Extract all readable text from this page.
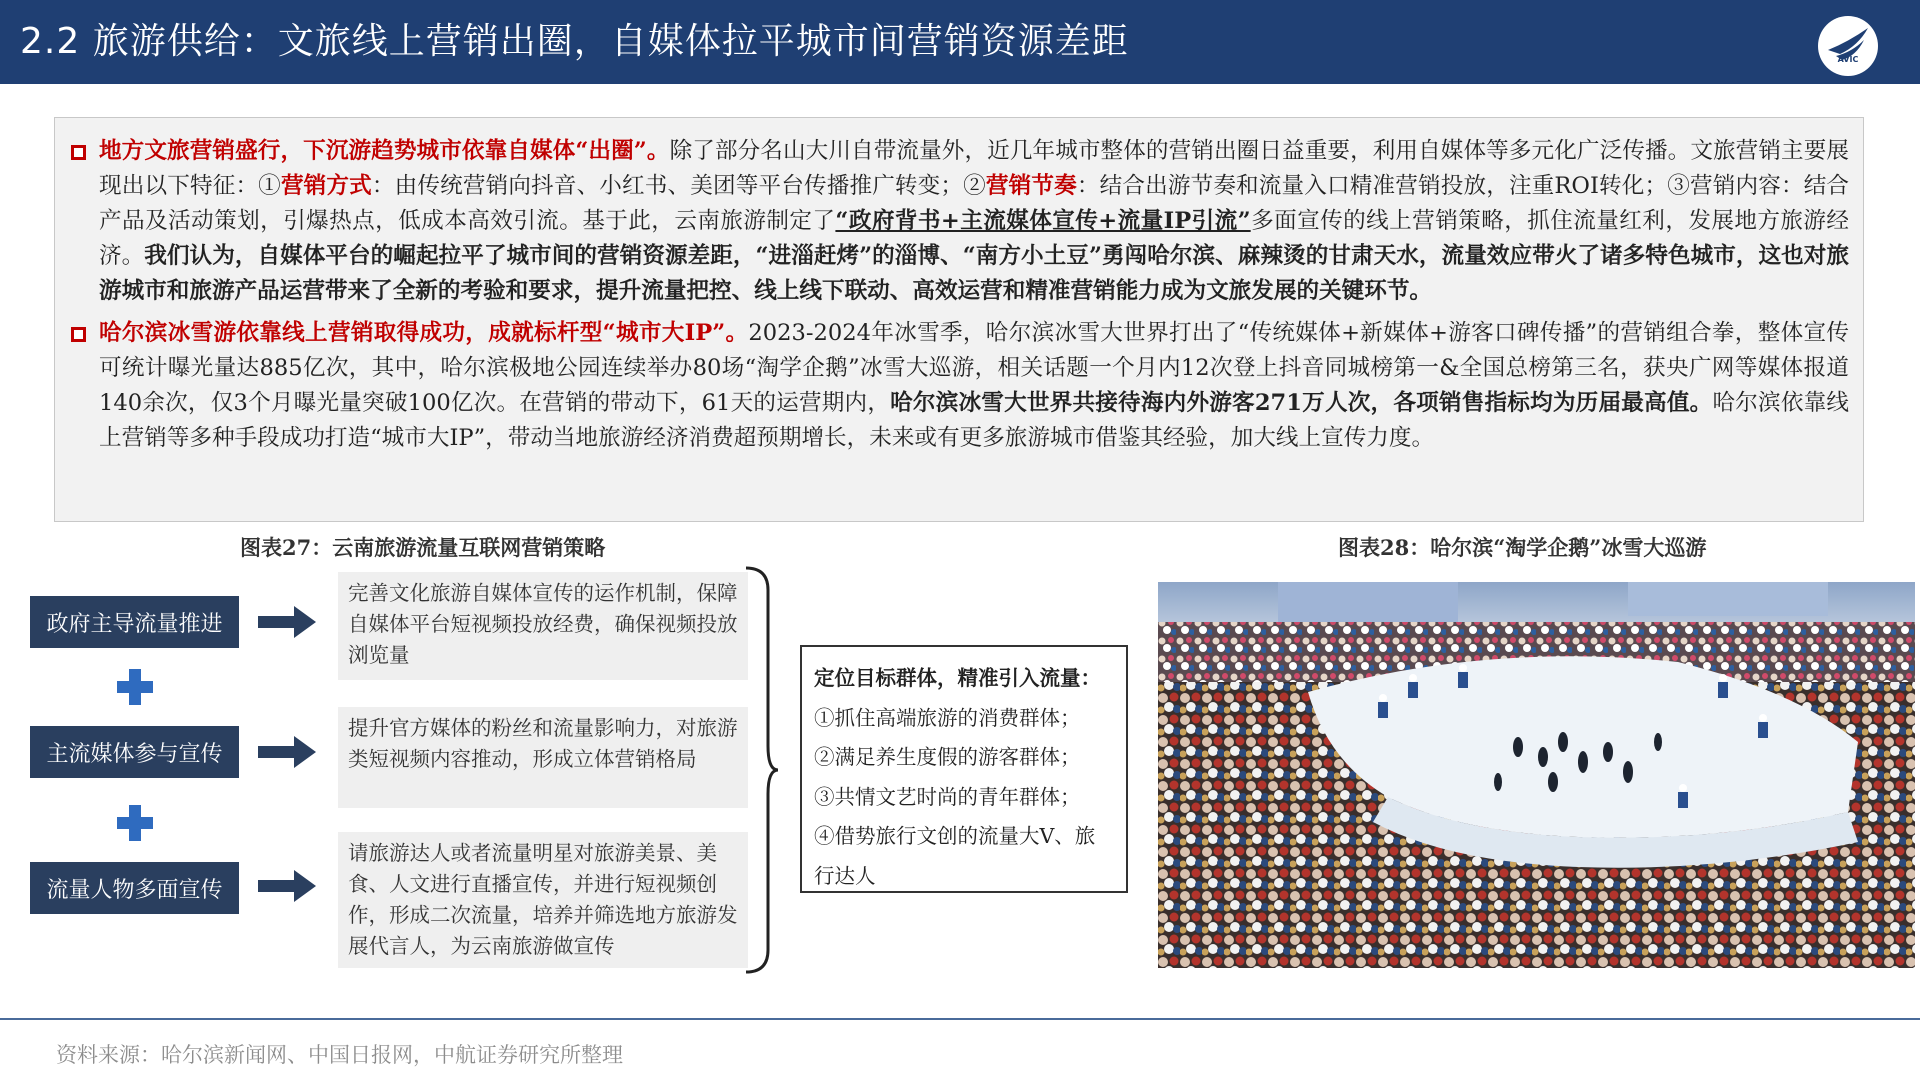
2.2 旅游供给：文旅线上营销出圈，自媒体拉平城市间营销资源差距	AVIC

地方文旅营销盛行，下沉游趋势城市依靠自媒体“出圈”。除了部分名山大川自带流量外，近几年城市整体的营销出圈日益重要，利用自媒体等多元化广泛传播。文旅营销主要展现出以下特征：①营销方式：由传统营销向抖音、小红书、美团等平台传播推广转变；②营销节奏：结合出游节奏和流量入口精准营销投放，注重ROI转化；③营销内容：结合产品及活动策划，引爆热点，低成本高效引流。基于此，云南旅游制定了“政府背书+主流媒体宣传+流量IP引流”多面宣传的线上营销策略，抓住流量红利，发展地方旅游经济。我们认为，自媒体平台的崛起拉平了城市间的营销资源差距，“进淄赶烤”的淄博、“南方小土豆”勇闯哈尔滨、麻辣烫的甘肃天水，流量效应带火了诸多特色城市，这也对旅游城市和旅游产品运营带来了全新的考验和要求，提升流量把控、线上线下联动、高效运营和精准营销能力成为文旅发展的关键环节。

哈尔滨冰雪游依靠线上营销取得成功，成就标杆型“城市大IP”。2023-2024年冰雪季，哈尔滨冰雪大世界打出了“传统媒体+新媒体+游客口碑传播”的营销组合拳，整体宣传可统计曝光量达885亿次，其中，哈尔滨极地公园连续举办80场“淘学企鹅”冰雪大巡游，相关话题一个月内12次登上抖音同城榜第一&全国总榜第三名，获央广网等媒体报道140余次，仅3个月曝光量突破100亿次。在营销的带动下，61天的运营期内，哈尔滨冰雪大世界共接待海内外游客271万人次，各项销售指标均为历届最高值。哈尔滨依靠线上营销等多种手段成功打造“城市大IP”，带动当地旅游经济消费超预期增长，未来或有更多旅游城市借鉴其经验，加大线上宣传力度。

图表27：云南旅游流量互联网营销策略	图表28：哈尔滨“淘学企鹅”冰雪大巡游
政府主导流量推进
主流媒体参与宣传
流量人物多面宣传
完善文化旅游自媒体宣传的运作机制，保障自媒体平台短视频投放经费，确保视频投放浏览量
提升官方媒体的粉丝和流量影响力，对旅游类短视频内容推动，形成立体营销格局
请旅游达人或者流量明星对旅游美景、美食、人文进行直播宣传，并进行短视频创作，形成二次流量，培养并筛选地方旅游发展代言人，为云南旅游做宣传
定位目标群体，精准引入流量：
①抓住高端旅游的消费群体；
②满足养生度假的游客群体；
③共情文艺时尚的青年群体；
④借势旅行文创的流量大V、旅行达人
资料来源：哈尔滨新闻网、中国日报网，中航证券研究所整理
